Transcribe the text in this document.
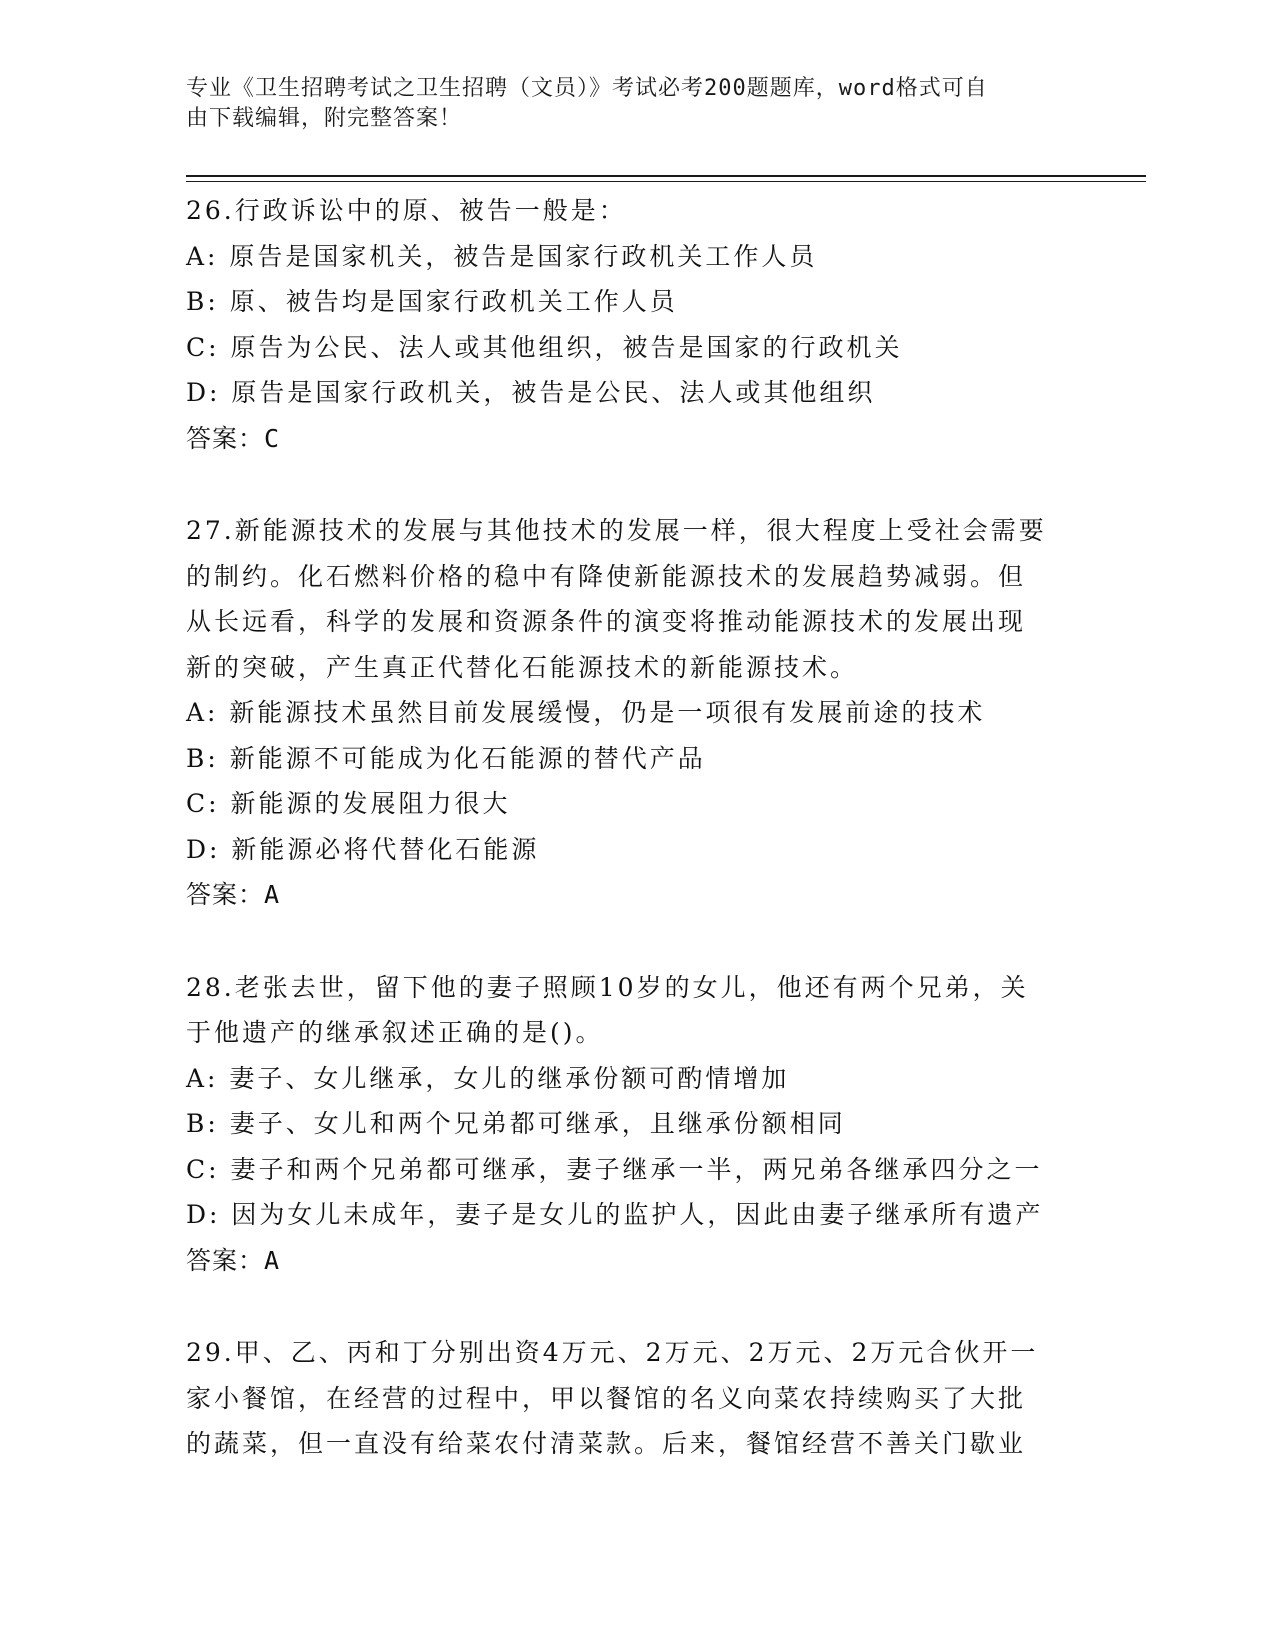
专业《卫生招聘考试之卫生招聘（文员）》考试必考200题题库，word格式可自
由下载编辑，附完整答案！
26.行政诉讼中的原、被告一般是：
A: 原告是国家机关，被告是国家行政机关工作人员
B: 原、被告均是国家行政机关工作人员
C: 原告为公民、法人或其他组织，被告是国家的行政机关
D: 原告是国家行政机关，被告是公民、法人或其他组织
答案：C
27.新能源技术的发展与其他技术的发展一样，很大程度上受社会需要
的制约。化石燃料价格的稳中有降使新能源技术的发展趋势减弱。但
从长远看，科学的发展和资源条件的演变将推动能源技术的发展出现
新的突破，产生真正代替化石能源技术的新能源技术。
A: 新能源技术虽然目前发展缓慢，仍是一项很有发展前途的技术
B: 新能源不可能成为化石能源的替代产品
C: 新能源的发展阻力很大
D: 新能源必将代替化石能源
答案：A
28.老张去世，留下他的妻子照顾10岁的女儿，他还有两个兄弟，关
于他遗产的继承叙述正确的是()。
A: 妻子、女儿继承，女儿的继承份额可酌情增加
B: 妻子、女儿和两个兄弟都可继承，且继承份额相同
C: 妻子和两个兄弟都可继承，妻子继承一半，两兄弟各继承四分之一
D: 因为女儿未成年，妻子是女儿的监护人，因此由妻子继承所有遗产
答案：A
29.甲、乙、丙和丁分别出资4万元、2万元、2万元、2万元合伙开一
家小餐馆，在经营的过程中，甲以餐馆的名义向菜农持续购买了大批
的蔬菜，但一直没有给菜农付清菜款。后来，餐馆经营不善关门歇业
